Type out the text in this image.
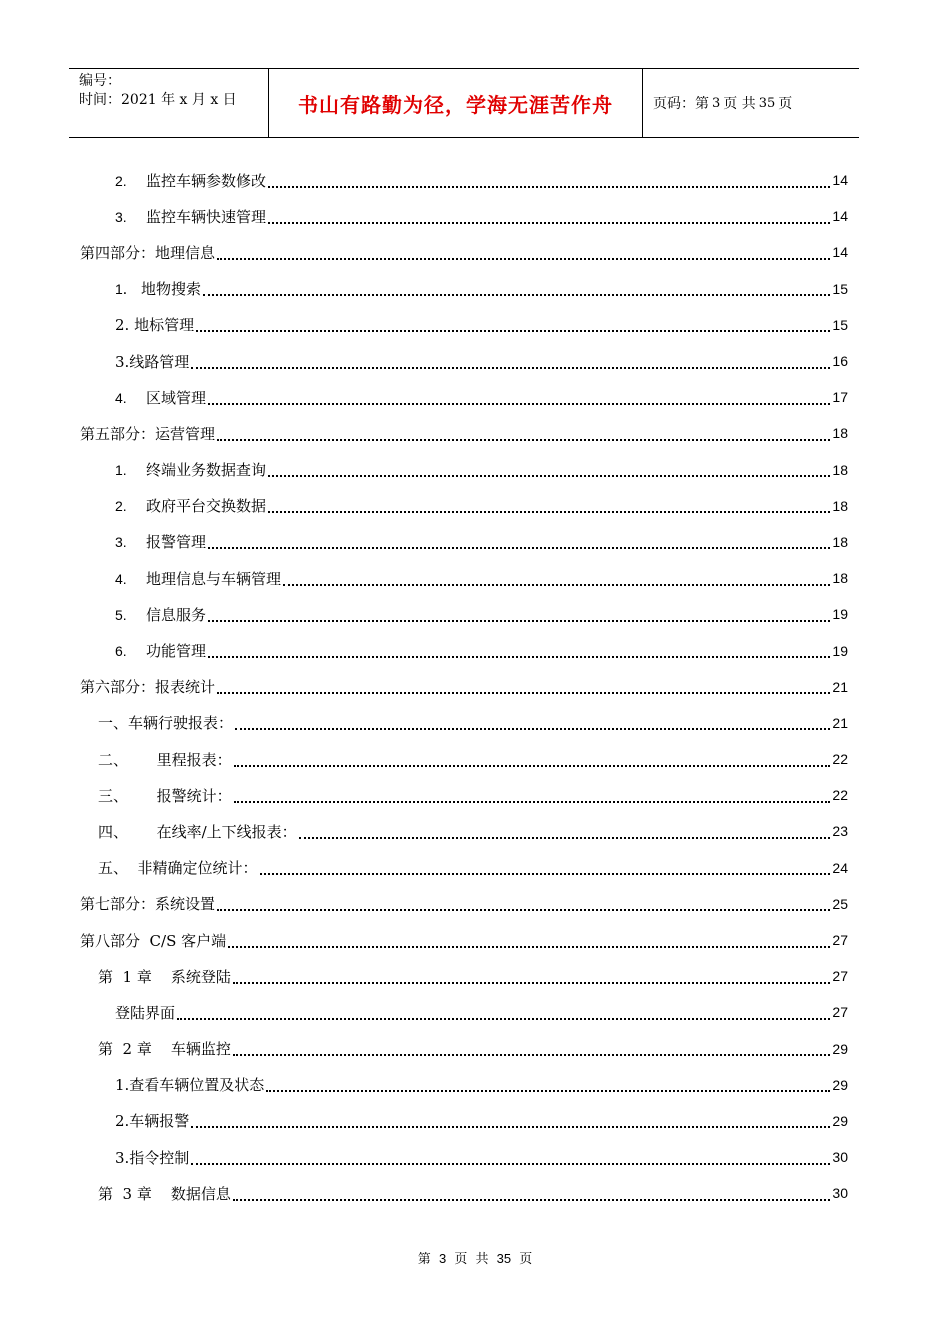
编号：
时间：2021 年 x 月 x 日	书山有路勤为径，学海无涯苦作舟	页码：第 3 页 共 35 页
2. 监控车辆参数修改	14
3. 监控车辆快速管理	14
第四部分：地理信息	14
1． 地物搜索	15
2. 地标管理	15
3.线路管理	16
4. 区域管理	17
第五部分：运营管理	18
1. 终端业务数据查询	18
2. 政府平台交换数据	18
3. 报警管理	18
4. 地理信息与车辆管理	18
5. 信息服务	19
6. 功能管理	19
第六部分：报表统计	21
一、车辆行驶报表：	21
二、      里程报表：	22
三、      报警统计：	22
四、      在线率/上下线报表：	23
五、  非精确定位统计：	24
第七部分：系统设置	25
第八部分  C/S 客户端	27
第  1 章    系统登陆	27
登陆界面	27
第  2 章    车辆监控	29
1.查看车辆位置及状态	29
2.车辆报警	29
3.指令控制	30
第  3 章    数据信息	30
第 3 页 共 35 页
